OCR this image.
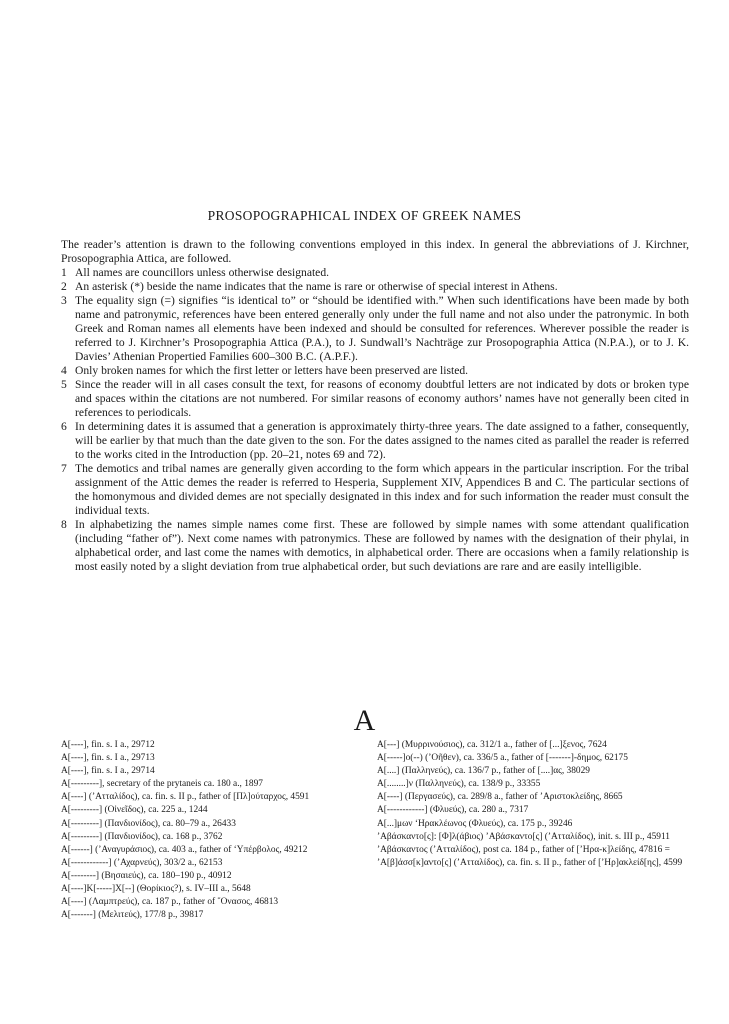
PROSOPOGRAPHICAL INDEX OF GREEK NAMES

The reader’s attention is drawn to the following conventions employed in this index. In general the abbreviations of J. Kirchner, Prosopographia Attica, are followed.

1 All names are councillors unless otherwise designated.
2 An asterisk (*) beside the name indicates that the name is rare or otherwise of special interest in Athens.
3 The equality sign (=) signifies “is identical to” or “should be identified with.” When such identifications have been made by both name and patronymic, references have been entered generally only under the full name and not also under the patronymic. In both Greek and Roman names all elements have been indexed and should be consulted for references. Wherever possible the reader is referred to J. Kirchner’s Prosopographia Attica (P.A.), to J. Sundwall’s Nachträge zur Prosopographia Attica (N.P.A.), or to J. K. Davies’ Athenian Propertied Families 600–300 B.C. (A.P.F.).
4 Only broken names for which the first letter or letters have been preserved are listed.
5 Since the reader will in all cases consult the text, for reasons of economy doubtful letters are not indicated by dots or broken type and spaces within the citations are not numbered. For similar reasons of economy authors’ names have not generally been cited in references to periodicals.
6 In determining dates it is assumed that a generation is approximately thirty-three years. The date assigned to a father, consequently, will be earlier by that much than the date given to the son. For the dates assigned to the names cited as parallel the reader is referred to the works cited in the Introduction (pp. 20–21, notes 69 and 72).
7 The demotics and tribal names are generally given according to the form which appears in the particular inscription. For the tribal assignment of the Attic demes the reader is referred to Hesperia, Supplement XIV, Appendices B and C. The particular sections of the homonymous and divided demes are not specially designated in this index and for such information the reader must consult the individual texts.
8 In alphabetizing the names simple names come first. These are followed by simple names with some attendant qualification (including “father of”). Next come names with patronymics. These are followed by names with the designation of their phylai, in alphabetical order, and last come the names with demotics, in alphabetical order. There are occasions when a family relationship is most easily noted by a slight deviation from true alphabetical order, but such deviations are rare and are easily intelligible.
A
A[----], fin. s. I a., 29712
A[----], fin. s. I a., 29713
A[----], fin. s. I a., 29714
A[---------], secretary of the prytaneis ca. 180 a., 1897
A[----] (’Ατταλίδος), ca. fin. s. II p., father of [Πλ]ούταρχος, 4591
A[---------] (Οἰνεῖδος), ca. 225 a., 1244
A[---------] (Πανδιονίδος), ca. 80–79 a., 26433
A[---------] (Πανδιονίδος), ca. 168 p., 3762
A[------] (’Αναγυράσιος), ca. 403 a., father of ‘Υπέρβολος, 49212
A[------------] (’Αχαρνεύς), 303/2 a., 62153
A[--------] (Βησαιεύς), ca. 180–190 p., 40912
A[----]K[-----]X[--] (Θορίκιος?), s. IV–III a., 5648
A[----] (Λαμπτρεύς), ca. 187 p., father of ῞Ονασος, 46813
A[-------] (Μελιτεύς), 177/8 p., 39817
A[---] (Μυρρινούσιος), ca. 312/1 a., father of [...]ξενος, 7624
A[-----]ο(--) (’Οῆθεν), ca. 336/5 a., father of [-------]-δημος, 62175
A[....] (Παλληνεύς), ca. 136/7 p., father of [....]ας, 38029
A[........]ν (Παλληνεύς), ca. 138/9 p., 33355
A[----] (Περγασεύς), ca. 289/8 a., father of ’Αριστοκλείδης, 8665
A[------------] (Φλυεύς), ca. 280 a., 7317
A[...]μων ‘Ηρακλέωνος (Φλυεύς), ca. 175 p., 39246
’Αβάσκαντο[ς]: [Φ]λ(άβιος) ’Αβάσκαντο[ς] (’Ατταλίδος), init. s. III p., 45911
’Αβάσκαντος (’Ατταλίδος), post ca. 184 p., father of [’Ηρα-κ]λείδης, 47816 =
’Α[β]άσσ[κ]αντο[ς] (’Ατταλίδος), ca. fin. s. II p., father of [’Ηρ]ακλείδ[ης], 4599
